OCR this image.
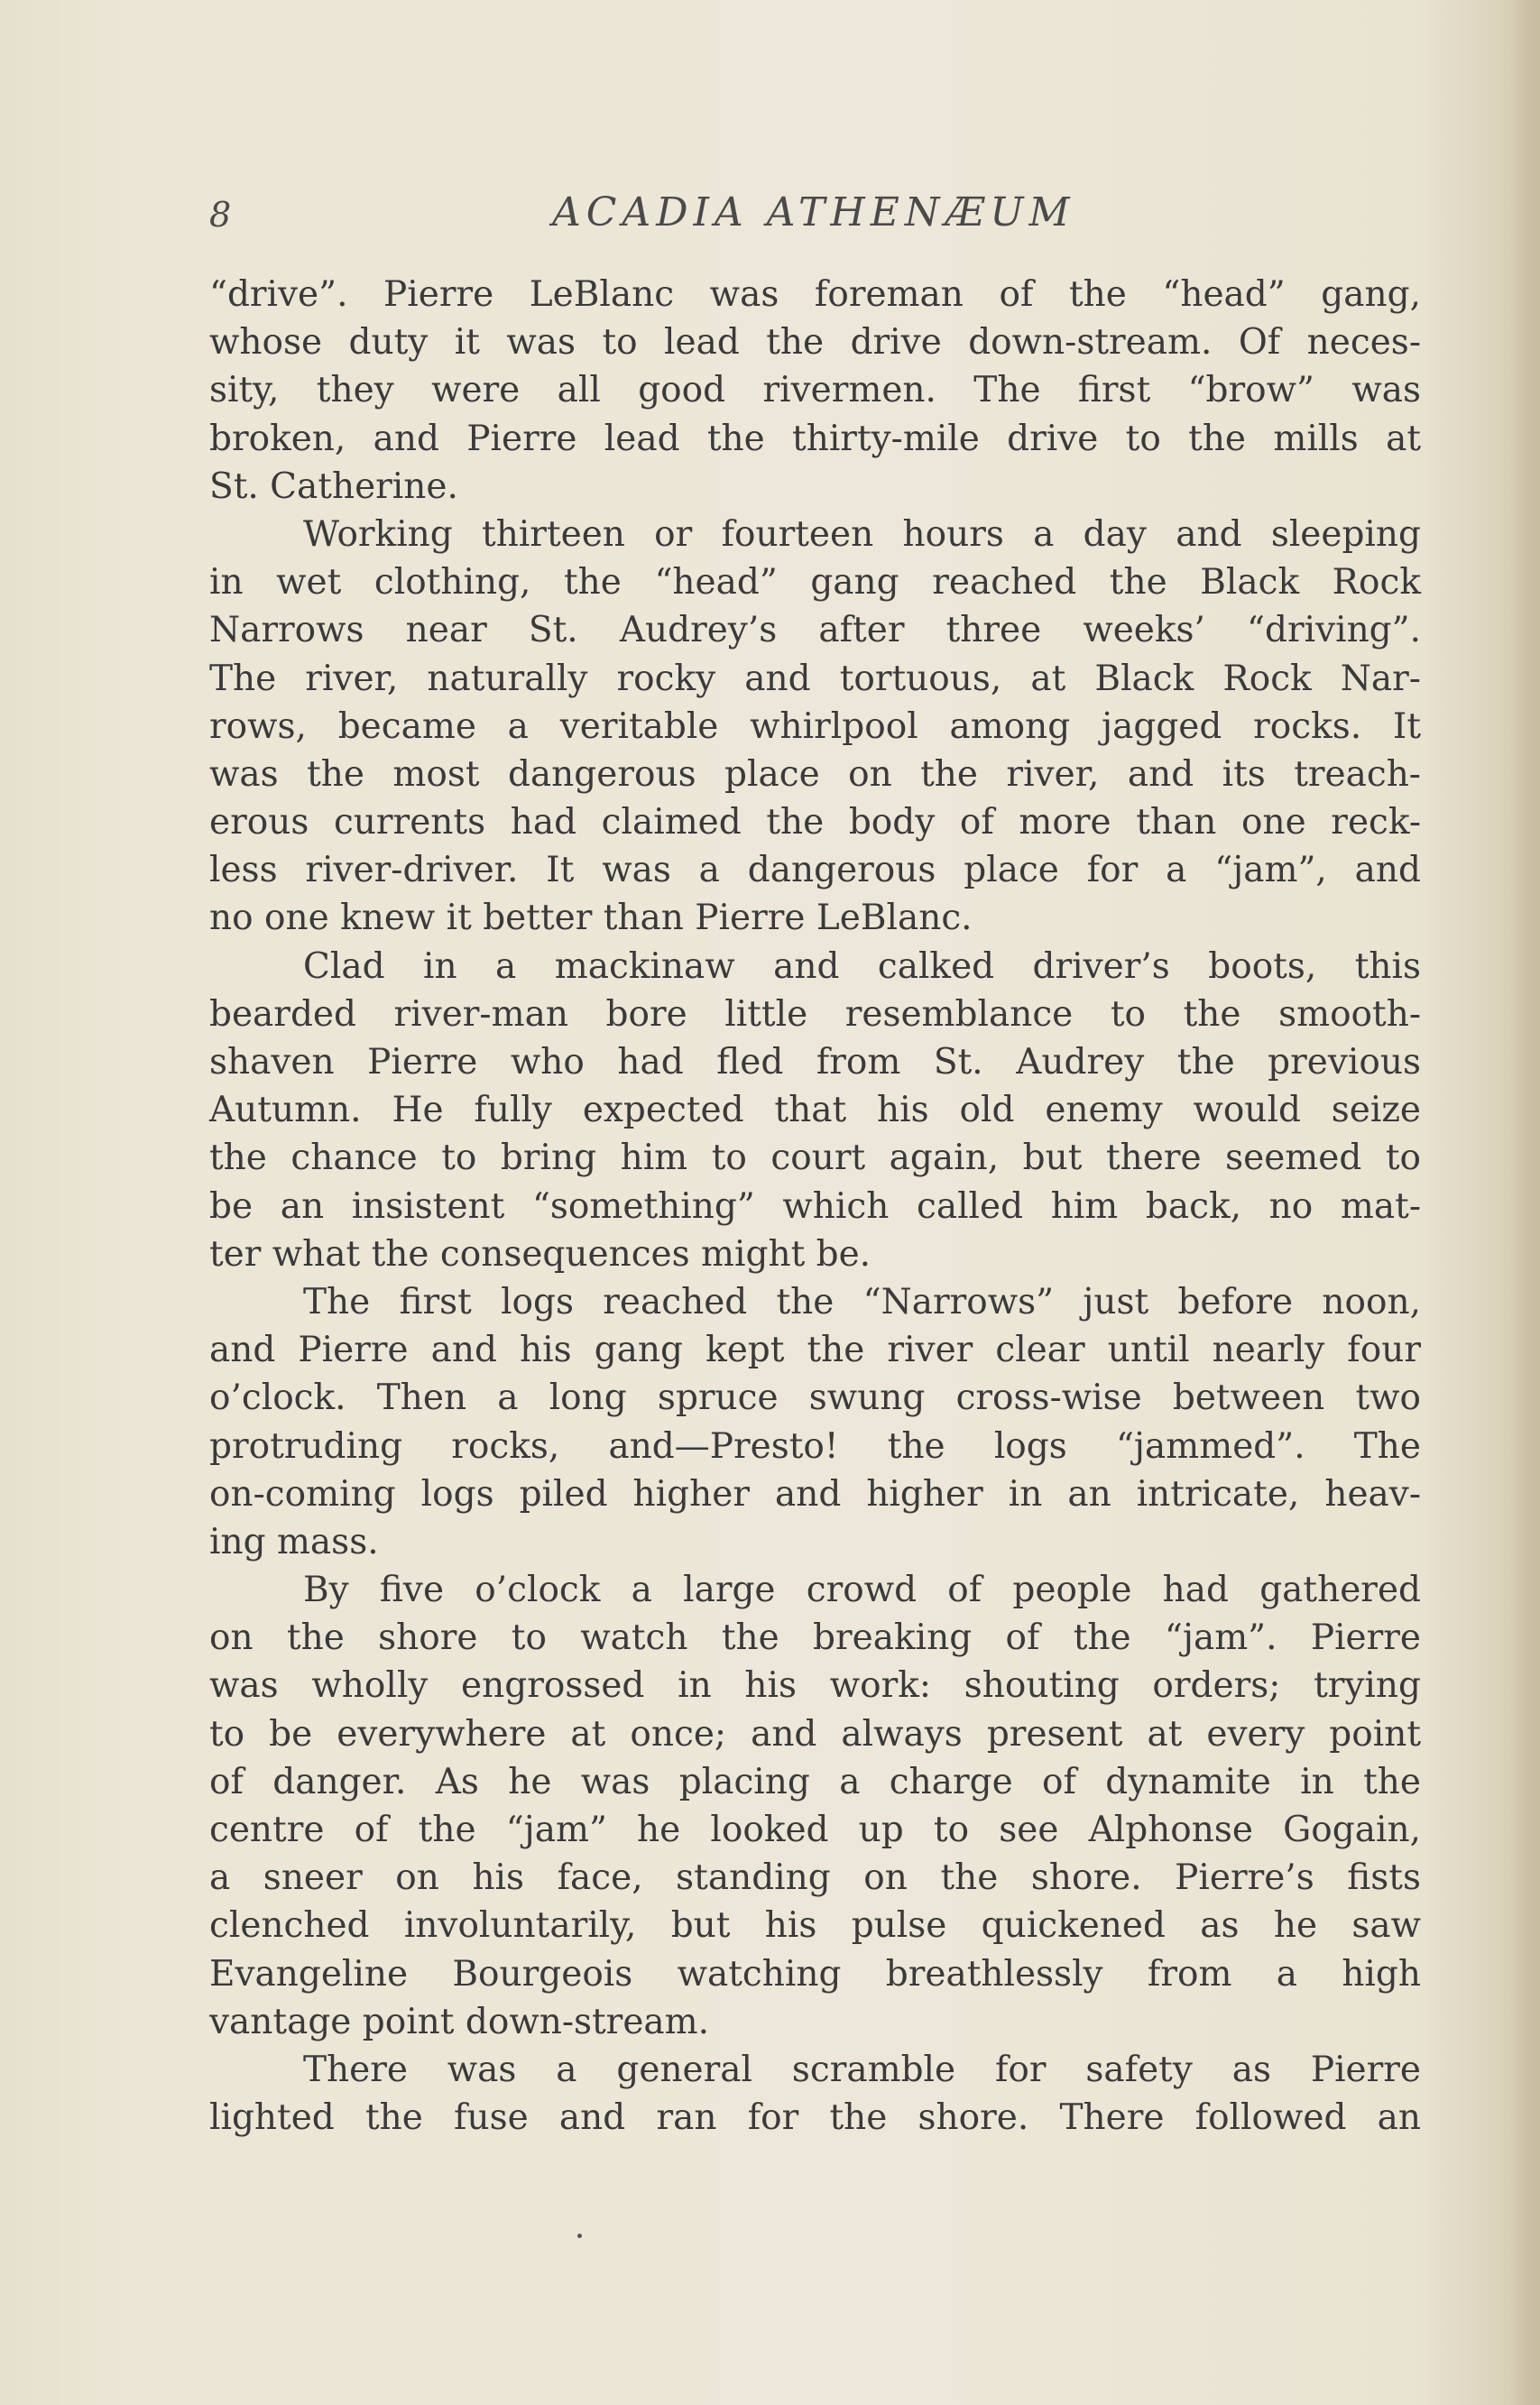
8	ACADIA ATHENÆUM
“drive”. Pierre LeBlanc was foreman of the “head” gang,
whose duty it was to lead the drive down-stream. Of neces-
sity, they were all good rivermen. The first “brow” was
broken, and Pierre lead the thirty-mile drive to the mills at
St. Catherine.
Working thirteen or fourteen hours a day and sleeping
in wet clothing, the “head” gang reached the Black Rock
Narrows near St. Audrey’s after three weeks’ “driving”.
The river, naturally rocky and tortuous, at Black Rock Nar-
rows, became a veritable whirlpool among jagged rocks. It
was the most dangerous place on the river, and its treach-
erous currents had claimed the body of more than one reck-
less river-driver. It was a dangerous place for a “jam”, and
no one knew it better than Pierre LeBlanc.
Clad in a mackinaw and calked driver’s boots, this
bearded river-man bore little resemblance to the smooth-
shaven Pierre who had fled from St. Audrey the previous
Autumn. He fully expected that his old enemy would seize
the chance to bring him to court again, but there seemed to
be an insistent “something” which called him back, no mat-
ter what the consequences might be.
The first logs reached the “Narrows” just before noon,
and Pierre and his gang kept the river clear until nearly four
o’clock. Then a long spruce swung cross-wise between two
protruding rocks, and—Presto! the logs “jammed”. The
on-coming logs piled higher and higher in an intricate, heav-
ing mass.
By five o’clock a large crowd of people had gathered
on the shore to watch the breaking of the “jam”. Pierre
was wholly engrossed in his work: shouting orders; trying
to be everywhere at once; and always present at every point
of danger. As he was placing a charge of dynamite in the
centre of the “jam” he looked up to see Alphonse Gogain,
a sneer on his face, standing on the shore. Pierre’s fists
clenched involuntarily, but his pulse quickened as he saw
Evangeline Bourgeois watching breathlessly from a high
vantage point down-stream.
There was a general scramble for safety as Pierre
lighted the fuse and ran for the shore. There followed an
